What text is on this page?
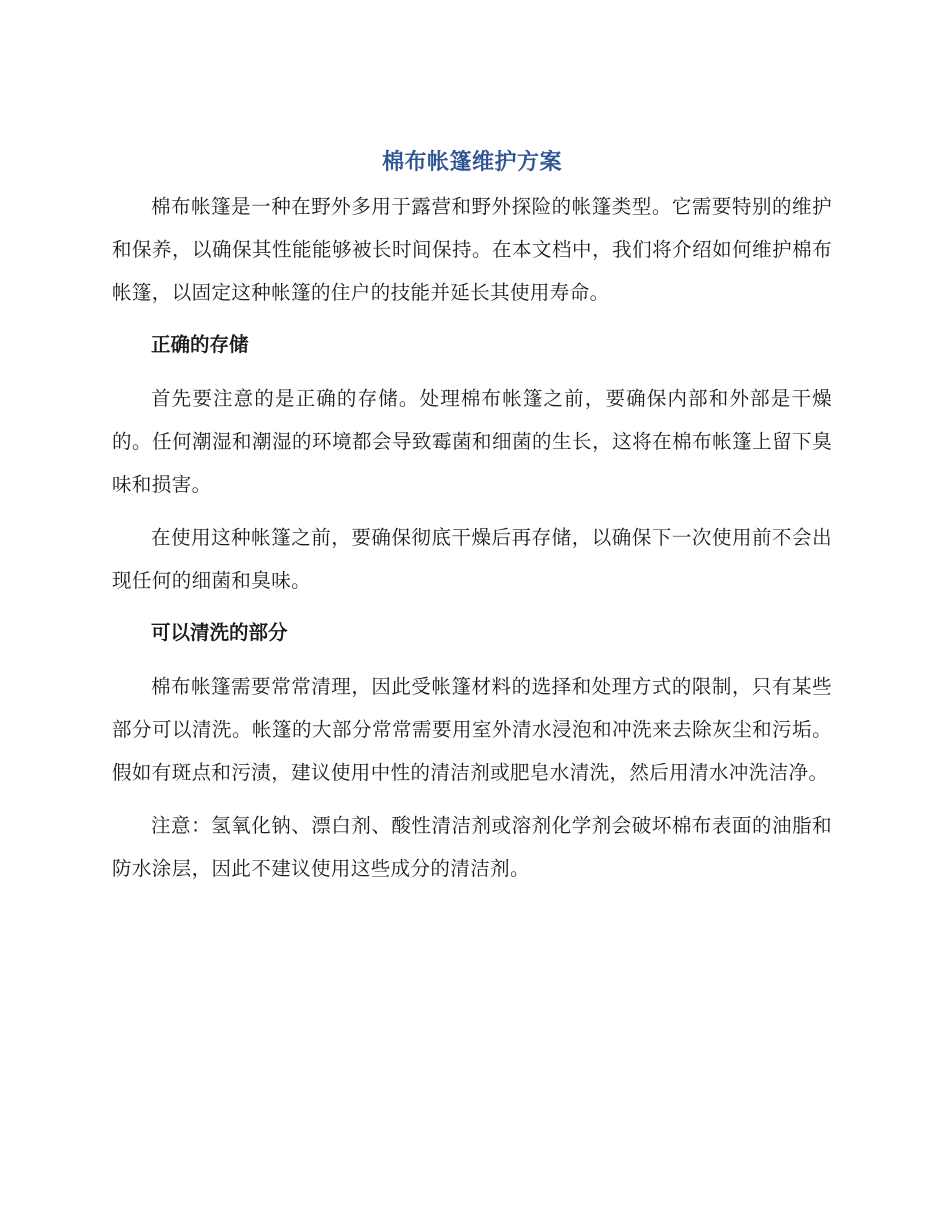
棉布帐篷维护方案

棉布帐篷是一种在野外多用于露营和野外探险的帐篷类型。它需要特别的维护和保养，以确保其性能能够被长时间保持。在本文档中，我们将介绍如何维护棉布帐篷，以固定这种帐篷的住户的技能并延长其使用寿命。

正确的存储

首先要注意的是正确的存储。处理棉布帐篷之前，要确保内部和外部是干燥的。任何潮湿和潮湿的环境都会导致霉菌和细菌的生长，这将在棉布帐篷上留下臭味和损害。

在使用这种帐篷之前，要确保彻底干燥后再存储，以确保下一次使用前不会出现任何的细菌和臭味。

可以清洗的部分

棉布帐篷需要常常清理，因此受帐篷材料的选择和处理方式的限制，只有某些部分可以清洗。帐篷的大部分常常需要用室外清水浸泡和冲洗来去除灰尘和污垢。假如有斑点和污渍，建议使用中性的清洁剂或肥皂水清洗，然后用清水冲洗洁净。

注意：氢氧化钠、漂白剂、酸性清洁剂或溶剂化学剂会破坏棉布表面的油脂和防水涂层，因此不建议使用这些成分的清洁剂。
